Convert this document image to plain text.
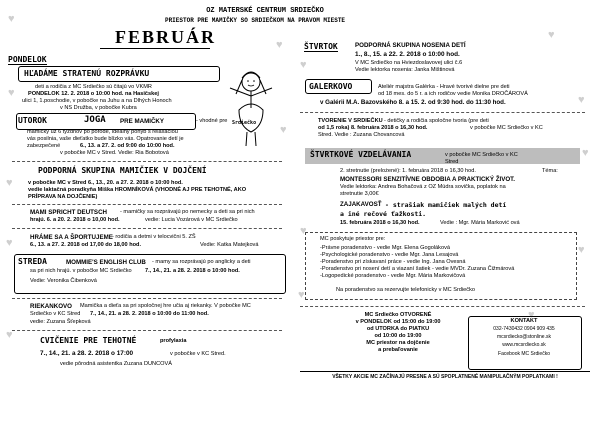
OZ MATERSKÉ CENTRUM SRDIEČKO
PRIESTOR PRE MAMIČKY SO SRDIEČKOM NA PRAVOM MIESTE
FEBRUÁR
♥
♥
♥
♥
♥
♥
♥
♥
♥
♥
♥
♥
♥
♥
♥
Srdiečko
PONDELOK
HĽADÁME STRATENÚ ROZPRÁVKU
deti a rodičia z MC Srdiečko sú čitajú vo VKMR
PONDELOK 12. 2. 2018 o 10:00 hod. na Hasičskej
ulici 1, 1.poschodie, v pobočke na Juhu a na Dlhých Honoch
v NS Družba, v pobočke Kubra
UTOROK	JOGA PRE MAMIČKY	- vhodné pre
mamičky už 6 týždňov po pôrode, ideálny pohyb s relaxáciou
vás posilnia, vaše dieťatko bude blízko vás. Opatrovanie detí je
zabezpečené	6., 13. a 27. 2. od 9:00 do 10:00 hod.
v pobočke MC v Stred. Vedie: Ria Bobotová
PODPORNÁ SKUPINA MAMIČIEK V DOJČENÍ
v pobočke MC v Stred 6., 13., 20. a 27. 2. 2018 o 10:00 hod.
vedie laktačná poradkyňa Miška HROMNÍKOVÁ (VHODNÉ AJ PRE TEHOTNÉ, AKO
PRÍPRAVA NA DOJČENIE)
MAMI SPRICHT DEUTSCH - mamičky sa rozprávajú po nemecky a deti sa pri nich
hrajú. 6. a 20. 2. 2018 o 10,00 hod.	vedie: Lucia Vozárová v MC Srdiečko
HRÁME SA A ŠPORTUJEME - rodičia a detmi v telocvični 5. ZŠ
6., 13. a 27. 2. 2018 od 17,00 do 18,00 hod.	Vedie: Katka Matejková
STREDA	MOMMIE'S ENGLISH CLUB - mamy sa rozprávajú po anglicky a deti
sa pri nich hrajú. v pobočke MC Srdiečko 7., 14., 21. a 28. 2. 2018 o 10:00 hod.
Vedie: Veronika Čibenková
RIEKANKOVO Mamička a dieťa sa pri spoločnej hre učia aj riekanky. V pobočke MC
Srdiečko v KC Stred 7., 14., 21. a 28. 2. 2018 o 10:00 do 11:00 hod.
vedie: Zuzana Šťepková
CVIČENIE PRE TEHOTNÉ	profylaxia
7., 14., 21. a 28. 2. 2018 o 17:00	v pobočke v KC Stred.
vedie pôrodná asistentka Zuzana DUNCOVÁ
ŠTVRTOK	PODPORNÁ SKUPINA NOSENIA DETÍ
1., 8., 15. a 22. 2. 2018 o 10:00 hod.
V MC Srdiečko na Hviezdoslavovej ulici č.6
Vedie lektorka nosenia: Janka Mištinová
GALERKOVO	Ateliér majstra Galérka - Hravé tvorivé dielne pre deti
od 18 mes. do 5 r. a ich rodičov vedie Monika DROČÁROVÁ
v Galérii M.A. Bazovského 8. a 15. 2. od 9:30 hod. do 11:30 hod.
TVORENIE V SRDIEČKU - detičky a rodičia spoločne tvoria (pre deti
od 1,5 roka) 8. februára 2018 o 16,30 hod.	v pobočke MC Srdiečko v KC
Stred. Vedie : Zuzana Chovancová
ŠTVRTKOVÉ VZDELÁVANIA	v pobočke MC Srdiečko v KC Stred
2. stretnutie (prelożené): 1. februára 2018 o 16,30 hod.	Téma:
MONTESSORI SENZITÍVNE OBDOBIA A PRAKTICKÝ ŽIVOT.
Vedie lektorka: Andrea Bohačová z OZ Múdra sovička, poplatok na
stretnutie 3,00€
ZAJAKAVOSŤ - strašiak mamičiek malých detí
a iné rečové ťažkosti.
15. februára 2018 o 16,30 hod.	Vedie : Mgr. Mária Marković ová
MC poskytuje priestor pre:
-Právne poradenstvo - vedie Mgr. Elena Gogoláková
-Psychologické poradenstvo - vedie Mgr. Jana Lesajová
-Poradenstvo pri získavaní práce - vedie Ing. Jana Ovesná
-Poradenstvo pri nosení detí a viazaní šatiek - vedie MVDr. Zuzana Čižmárová
-Logopedické poradenstvo - vedie Mgr. Mária Markovičová
Na poradenstvo sa rezervujte telefonicky v MC Srdiečko
MC Srdiečko OTVORENÉ
v PONDELOK od 15:00 do 19:00
od UTORKA do PIATKU
od 10:00 do 19:00
MC priestor na dojčenie
a prebaľovanie
KONTAKT
032-7430432 0904 909 435
mcsrdiecko@stonline.sk
www.mcsrdiecko.sk
Facebook MC Srdiečko
VŠETKY AKCIE MC ZAČÍNAJÚ PRESNE A SÚ SPOPLATNENÉ MANIPULAČNÝM POPLATKAMI !
